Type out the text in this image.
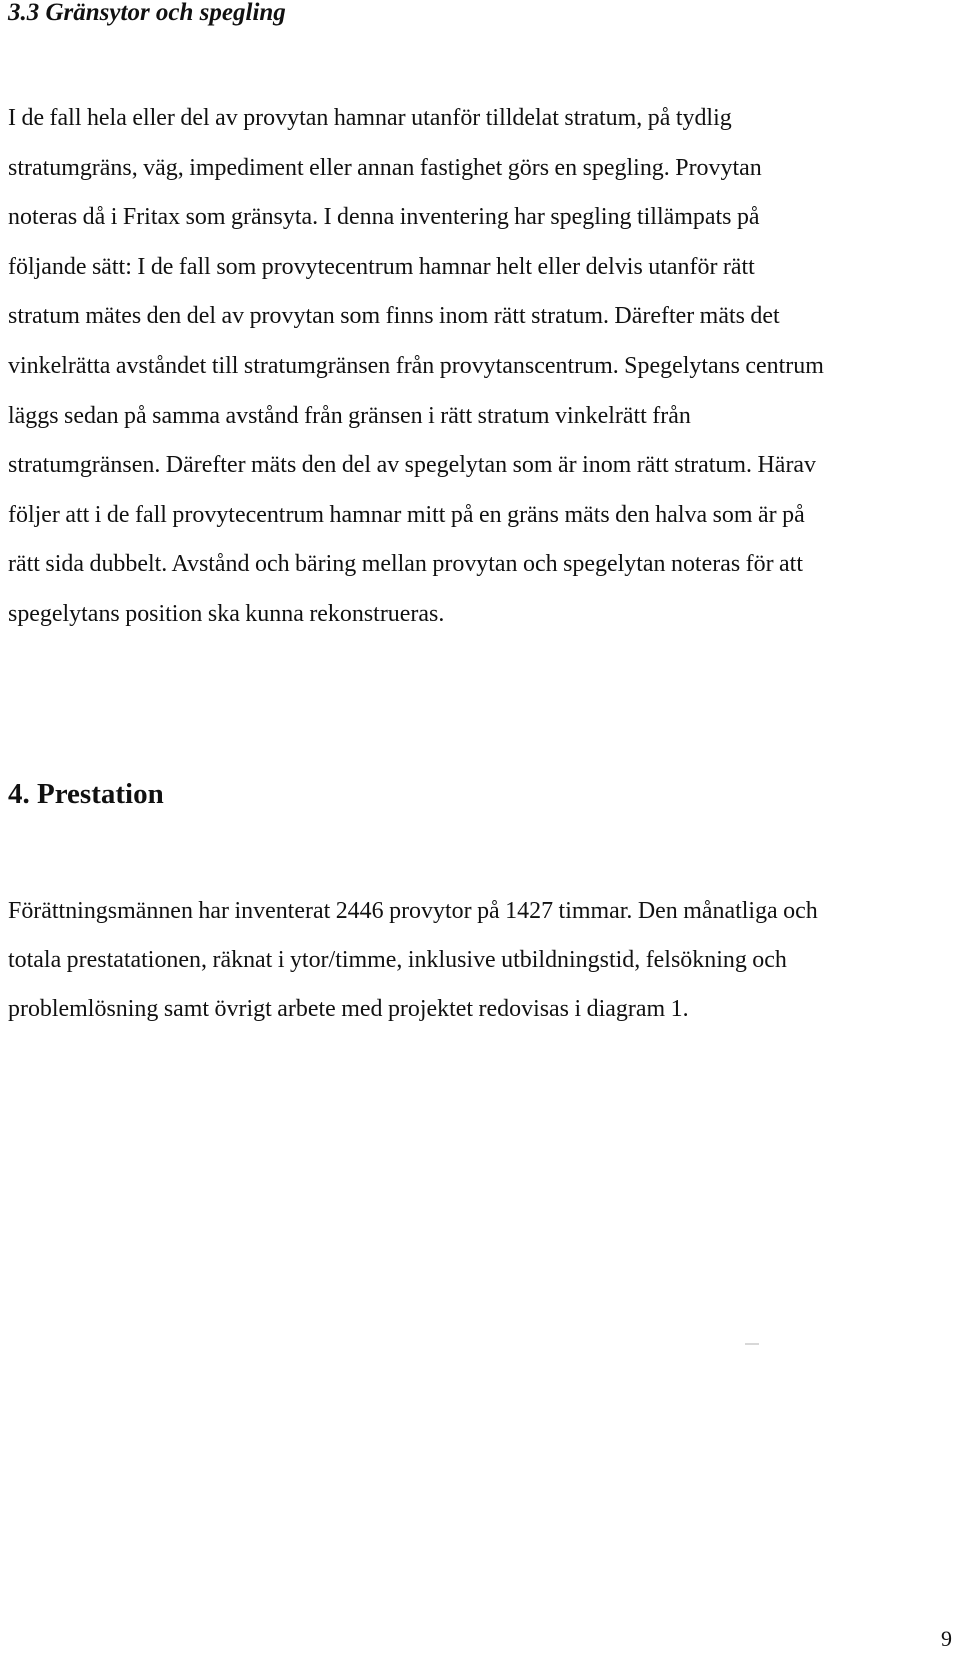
3.3 Gränsytor och spegling

I de fall hela eller del av provytan hamnar utanför tilldelat stratum, på tydlig
stratumgräns, väg, impediment eller annan fastighet görs en spegling. Provytan
noteras då i Fritax som gränsyta. I denna inventering har spegling tillämpats på
följande sätt: I de fall som provytecentrum hamnar helt eller delvis utanför rätt
stratum mätes den del av provytan som finns inom rätt stratum. Därefter mäts det
vinkelrätta avståndet till stratumgränsen från provytanscentrum. Spegelytans centrum
läggs sedan på samma avstånd från gränsen i rätt stratum vinkelrätt från
stratumgränsen. Därefter mäts den del av spegelytan som är inom rätt stratum. Härav
följer att i de fall provytecentrum hamnar mitt på en gräns mäts den halva som är på
rätt sida dubbelt. Avstånd och bäring mellan provytan och spegelytan noteras för att
spegelytans position ska kunna rekonstrueras.

4. Prestation

Förättningsmännen har inventerat 2446 provytor på 1427 timmar. Den månatliga och
totala prestatationen, räknat i ytor/timme, inklusive utbildningstid, felsökning och
problemlösning samt övrigt arbete med projektet redovisas i diagram 1.

9
